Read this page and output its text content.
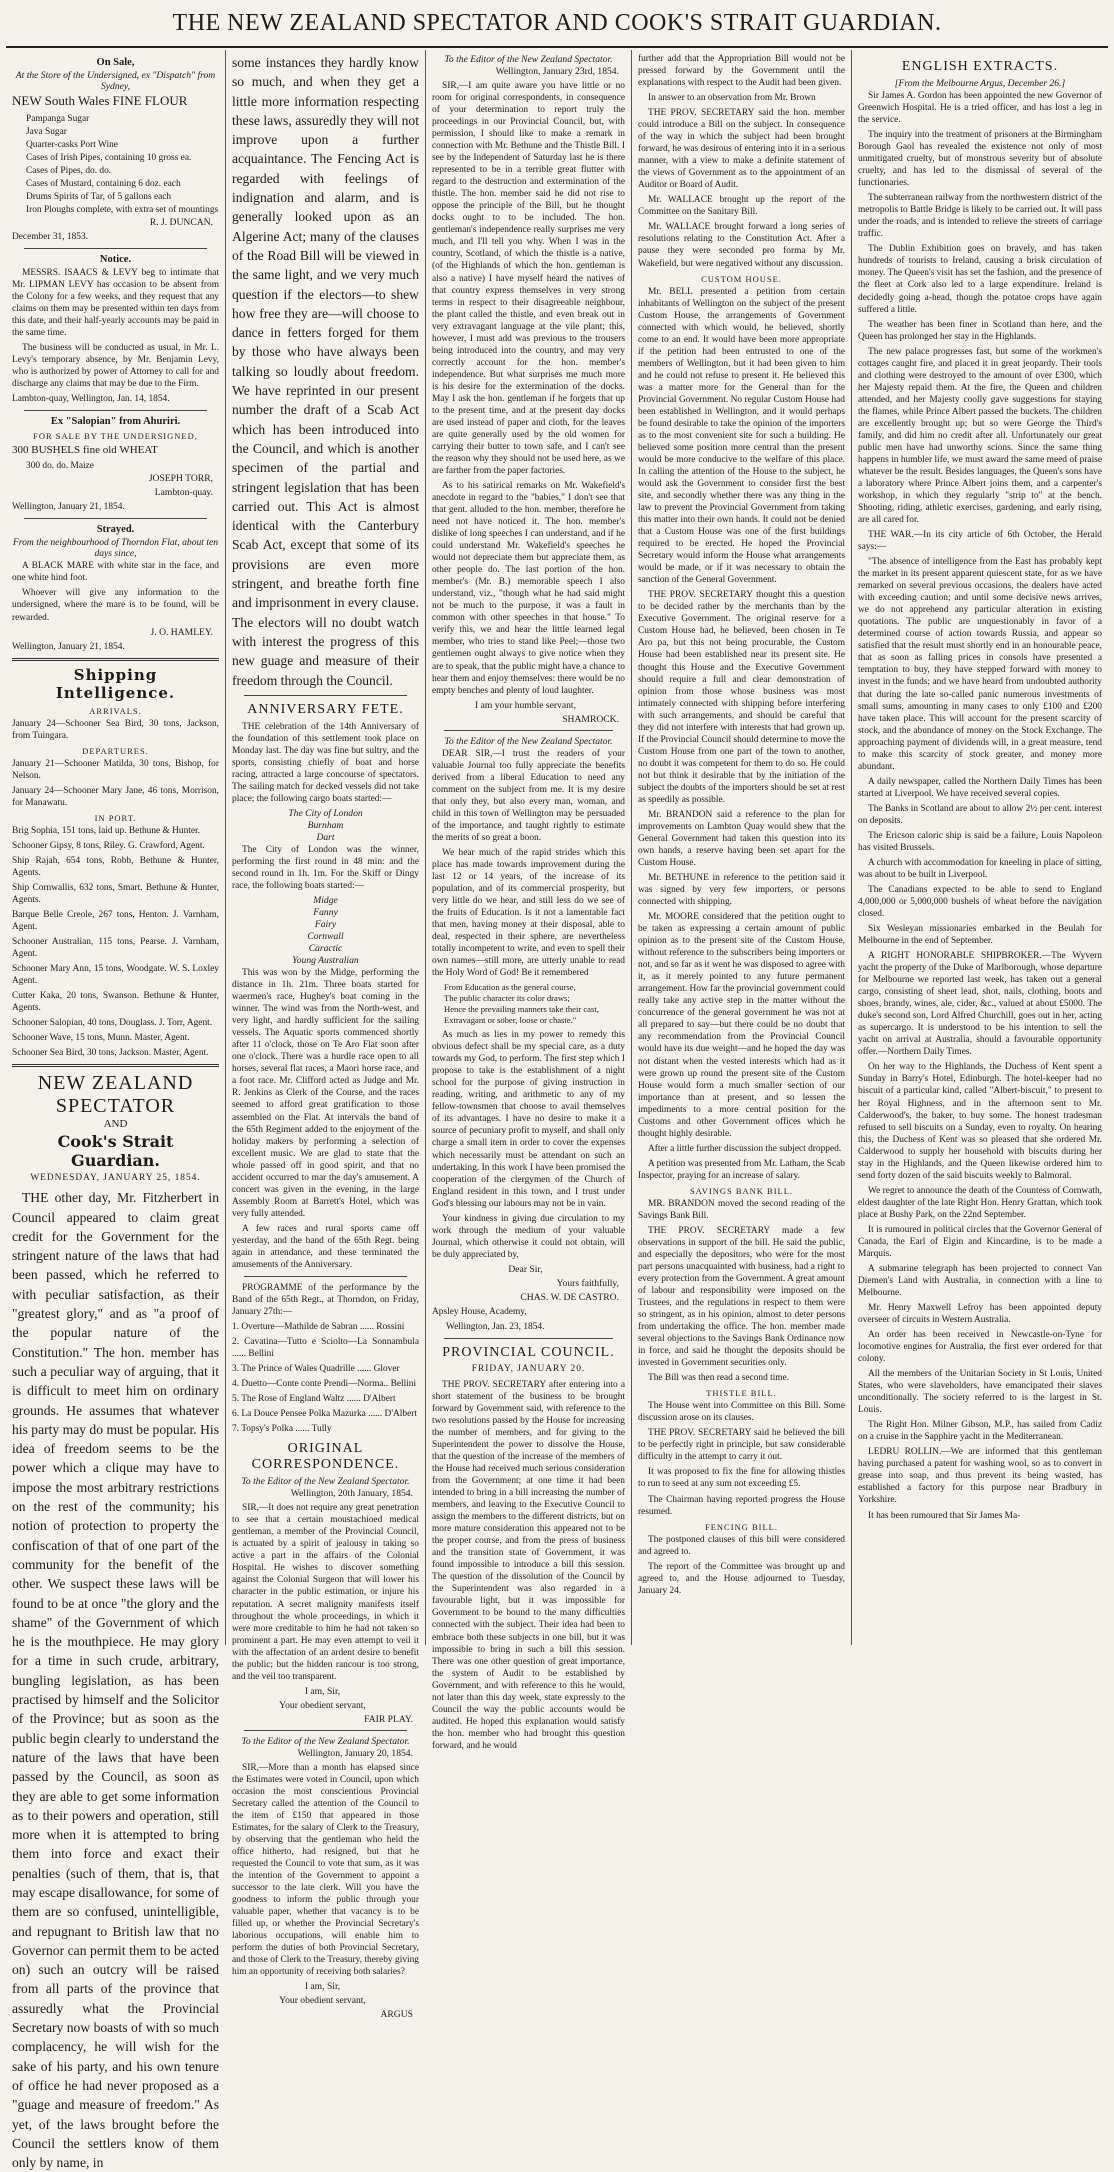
THE NEW ZEALAND SPECTATOR AND COOK'S STRAIT GUARDIAN.
On Sale,
At the Store of the Undersigned, ex "Dispatch" from Sydney,
NEW South Wales FINE FLOUR
Pampanga Sugar
Java Sugar
Quarter-casks Port Wine
Cases of Irish Pipes, containing 10 gross ea.
Cases of Pipes, do. do.
Cases of Mustard, containing 6 doz. each
Drums Spirits of Tar, of 5 gallons each
Iron Ploughs complete, with extra set of mountings
R. J. DUNCAN.
December 31, 1853.
Notice.

MESSRS. ISAACS & LEVY beg to intimate that Mr. LIPMAN LEVY has occasion to be absent from the Colony for a few weeks, and they request that any claims on them may be presented within ten days from this date, and their half-yearly accounts may be paid in the same time.

The business will be conducted as usual, in Mr. L. Levy's temporary absence, by Mr. Benjamin Levy, who is authorized by power of Attorney to call for and discharge any claims that may be due to the Firm.

Lambton-quay, Wellington, Jan. 14, 1854.

Ex "Salopian" from Ahuriri.
FOR SALE BY THE UNDERSIGNED,
300 BUSHELS fine old WHEAT
300 do. do. Maize
JOSEPH TORR,
Lambton-quay.
Wellington, January 21, 1854.
Strayed.
From the neighbourhood of Thorndon Flat, about ten days since,

A BLACK MARE with white star in the face, and one white hind foot.

Whoever will give any information to the undersigned, where the mare is to be found, will be rewarded.

J. O. HAMLEY.
Wellington, January 21, 1854.
Shipping Intelligence.
ARRIVALS.
January 24—Schooner Sea Bird, 30 tons, Jackson, from Tuingara.
DEPARTURES.
January 21—Schooner Matilda, 30 tons, Bishop, for Nelson.
January 24—Schooner Mary Jane, 46 tons, Morrison, for Manawatu.
IN PORT.
Brig Sophia, 151 tons, laid up. Bethune & Hunter.
Schooner Gipsy, 8 tons, Riley. G. Crawford, Agent.
Ship Rajah, 654 tons, Robb, Bethune & Hunter, Agents.
Ship Cornwallis, 632 tons, Smart. Bethune & Hunter, Agents.
Barque Belle Creole, 267 tons, Henton. J. Varnham, Agent.
Schooner Australian, 115 tons, Pearse. J. Varnham, Agent.
Schooner Mary Ann, 15 tons, Woodgate. W. S. Loxley Agent.
Cutter Kaka, 20 tons, Swanson. Bethune & Hunter, Agents.
Schooner Salopian, 40 tons, Douglass. J. Torr, Agent.
Schooner Wave, 15 tons, Munn. Master, Agent.
Schooner Sea Bird, 30 tons, Jackson. Master, Agent.
NEW ZEALAND SPECTATOR
AND
Cook's Strait Guardian.
WEDNESDAY, JANUARY 25, 1854.

THE other day, Mr. Fitzherbert in Council appeared to claim great credit for the Government for the stringent nature of the laws that had been passed, which he referred to with peculiar satisfaction, as their "greatest glory," and as "a proof of the popular nature of the Constitution." The hon. member has such a peculiar way of arguing, that it is difficult to meet him on ordinary grounds. He assumes that whatever his party may do must be popular. His idea of freedom seems to be the power which a clique may have to impose the most arbitrary restrictions on the rest of the community; his notion of protection to property the confiscation of that of one part of the community for the benefit of the other. We suspect these laws will be found to be at once "the glory and the shame" of the Government of which he is the mouthpiece. He may glory for a time in such crude, arbitrary, bungling legislation, as has been practised by himself and the Solicitor of the Province; but as soon as the public begin clearly to understand the nature of the laws that have been passed by the Council, as soon as they are able to get some information as to their powers and operation, still more when it is attempted to bring them into force and exact their penalties (such of them, that is, that may escape disallowance, for some of them are so confused, unintelligible, and repugnant to British law that no Governor can permit them to be acted on) such an outcry will be raised from all parts of the province that assuredly what the Provincial Secretary now boasts of with so much complacency, he will wish for the sake of his party, and his own tenure of office he had never proposed as a "guage and measure of freedom." As yet, of the laws brought before the Council the settlers know of them only by name, in

some instances they hardly know so much, and when they get a little more information respecting these laws, assuredly they will not improve upon a further acquaintance. The Fencing Act is regarded with feelings of indignation and alarm, and is generally looked upon as an Algerine Act; many of the clauses of the Road Bill will be viewed in the same light, and we very much question if the electors—to shew how free they are—will choose to dance in fetters forged for them by those who have always been talking so loudly about freedom. We have reprinted in our present number the draft of a Scab Act which has been introduced into the Council, and which is another specimen of the partial and stringent legislation that has been carried out. This Act is almost identical with the Canterbury Scab Act, except that some of its provisions are even more stringent, and breathe forth fine and imprisonment in every clause. The electors will no doubt watch with interest the progress of this new guage and measure of their freedom through the Council.

ANNIVERSARY FETE.

THE celebration of the 14th Anniversary of the foundation of this settlement took place on Monday last. The day was fine but sultry, and the sports, consisting chiefly of boat and horse racing, attracted a large concourse of spectators. The sailing match for decked vessels did not take place; the following cargo boats started:—

The City of London
Burnham
Dart

The City of London was the winner, performing the first round in 48 min: and the second round in 1h. 1m. For the Skiff or Dingy race, the following boats started:—

Midge
Fanny
Fairy
Cornwall
Caractic
Young Australian

This was won by the Midge, performing the distance in 1h. 21m. Three boats started for waermen's race, Hughey's boat coming in the winner. The wind was from the North-west, and very light, and hardly sufficient for the sailing vessels. The Aquatic sports commenced shortly after 11 o'clock, those on Te Aro Flat soon after one o'clock. There was a hurdle race open to all horses, several flat races, a Maori horse race, and a foot race. Mr. Clifford acted as Judge and Mr. R. Jenkins as Clerk of the Course, and the races seemed to afford great gratification to those assembled on the Flat. At intervals the band of the 65th Regiment added to the enjoyment of the holiday makers by performing a selection of excellent music. We are glad to state that the whole passed off in good spirit, and that no accident occurred to mar the day's amusement. A concert was given in the evening, in the large Assembly Room at Barrett's Hotel, which was very fully attended.

A few races and rural sports came off yesterday, and the band of the 65th Regt. being again in attendance, and these terminated the amusements of the Anniversary.

PROGRAMME of the performance by the Band of the 65th Regt., at Thorndon, on Friday, January 27th:—

1. Overture—Mathilde de Sabran ...... Rossini
2. Cavatina—Tutto e Sciolto—La Sonnambula ...... Bellini
3. The Prince of Wales Quadrille ...... Glover
4. Duetto—Conte conte Prendi—Norma.. Bellini
5. The Rose of England Waltz ...... D'Albert
6. La Douce Pensee Polka Mazurka ...... D'Albert
7. Topsy's Polka ...... Tully
ORIGINAL CORRESPONDENCE.
To the Editor of the New Zealand Spectator.
Wellington, 20th January, 1854.

SIR,—It does not require any great penetration to see that a certain moustachioed medical gentleman, a member of the Provincial Council, is actuated by a spirit of jealousy in taking so active a part in the affairs of the Colonial Hospital. He wishes to discover something against the Colonial Surgeon that will lower his character in the public estimation, or injure his reputation. A secret malignity manifests itself throughout the whole proceedings, in which it were more creditable to him he had not taken so prominent a part. He may even attempt to veil it with the affectation of an ardent desire to benefit the public; but the hidden rancour is too strong, and the veil too transparent.

I am, Sir,
Your obedient servant,
FAIR PLAY.
To the Editor of the New Zealand Spectator.
Wellington, January 20, 1854.

SIR,—More than a month has elapsed since the Estimates were voted in Council, upon which occasion the most conscientious Provincial Secretary called the attention of the Council to the item of £150 that appeared in those Estimates, for the salary of Clerk to the Treasury, by observing that the gentleman who held the office hitherto, had resigned, but that he requested the Council to vote that sum, as it was the intention of the Government to appoint a successor to the late clerk. Will you have the goodness to inform the public through your valuable paper, whether that vacancy is to be filled up, or whether the Provincial Secretary's laborious occupations, will enable him to perform the duties of both Provincial Secretary, and those of Clerk to the Treasury, thereby giving him an opportunity of receiving both salaries?

I am, Sir,
Your obedient servant,
ARGUS
To the Editor of the New Zealand Spectator.
Wellington, January 23rd, 1854.

SIR,—I am quite aware you have little or no room for original correspondents, in consequence of your determination to report truly the proceedings in our Provincial Council, but, with permission, I should like to make a remark in connection with Mr. Bethune and the Thistle Bill. I see by the Independent of Saturday last he is there represented to be in a terrible great flutter with regard to the destruction and extermination of the thistle. The hon. member said he did not rise to oppose the principle of the Bill, but he thought docks ought to to be included. The hon. gentleman's independence really surprises me very much, and I'll tell you why. When I was in the country, Scotland, of which the thistle is a native, (of the Highlands of which the hon. gentleman is also a native) I have myself heard the natives of that country express themselves in very strong terms in respect to their disagreeable neighbour, the plant called the thistle, and even break out in very extravagant language at the vile plant; this, however, I must add was previous to the trousers being introduced into the country, and may very correctly account for the hon. member's independence. But what surprises me much more is his desire for the extermination of the docks. May I ask the hon. gentleman if he forgets that up to the present time, and at the present day docks are used instead of paper and cloth, for the leaves are quite generally used by the old women for carrying their butter to town safe, and I can't see the reason why they should not be used here, as we are farther from the paper factories.

As to his satirical remarks on Mr. Wakefield's anecdote in regard to the "babies," I don't see that that gent. alluded to the hon. member, therefore he need not have noticed it. The hon. member's dislike of long speeches I can understand, and if he could understand Mr. Wakefield's speeches he would not depreciate them but appreciate them, as other people do. The last portion of the hon. member's (Mr. B.) memorable speech I also understand, viz., "though what he had said might not be much to the purpose, it was a fault in common with other speeches in that house." To verify this, we and hear the little learned legal member, who tries to stand like Peel;—those two gentlemen ought always to give notice when they are to speak, that the public might have a chance to hear them and enjoy themselves: there would be no empty benches and plenty of loud laughter.

I am your humble servant,
SHAMROCK.
To the Editor of the New Zealand Spectator.

DEAR SIR,—I trust the readers of your valuable Journal too fully appreciate the benefits derived from a liberal Education to need any comment on the subject from me. It is my desire that only they, but also every man, woman, and child in this town of Wellington may be persuaded of the importance, and taught rightly to estimate the merits of so great a boon.

We hear much of the rapid strides which this place has made towards improvement during the last 12 or 14 years, of the increase of its population, and of its commercial prosperity, but very little do we hear, and still less do we see of the fruits of Education. Is it not a lamentable fact that men, having money at their disposal, able to deal, respected in their sphere, are nevertheless totally incompetent to write, and even to spell their own names—still more, are utterly unable to read the Holy Word of God! Be it remembered

From Education as the general course,
The public character its color draws;
Hence the prevailing manners take their cast,
Extravagant or sober, loose or chaste."

As much as lies in my power to remedy this obvious defect shall be my special care, as a duty towards my God, to perform. The first step which I propose to take is the establishment of a night school for the purpose of giving instruction in reading, writing, and arithmetic to any of my fellow-townsmen that choose to avail themselves of its advantages. I have no desire to make it a source of pecuniary profit to myself, and shall only charge a small item in order to cover the expenses which necessarily must be attendant on such an undertaking. In this work I have been promised the cooperation of the clergymen of the Church of England resident in this town, and I trust under God's blessing our labours may not be in vain.

Your kindness in giving due circulation to my work through the medium of your valuable Journal, which otherwise it could not obtain, will be duly appreciated by,

Dear Sir,
Yours faithfully,
CHAS. W. DE CASTRO.
Apsley House, Academy,
Wellington, Jan. 23, 1854.
PROVINCIAL COUNCIL.
FRIDAY, JANUARY 20.

THE PROV. SECRETARY after entering into a short statement of the business to be brought forward by Government said, with reference to the two resolutions passed by the House for increasing the number of members, and for giving to the Superintendent the power to dissolve the House, that the question of the increase of the members of the House had received much serious consideration from the Government; at one time it had been intended to bring in a bill increasing the number of members, and leaving to the Executive Council to assign the members to the different districts, but on more mature consideration this appeared not to be the proper course, and from the press of business and the transition state of Government, it was found impossible to introduce a bill this session. The question of the dissolution of the Council by the Superintendent was also regarded in a favourable light, but it was impossible for Government to be bound to the many difficulties connected with the subject. Their idea had been to embrace both these subjects in one bill, but it was impossible to bring in such a bill this session. There was one other question of great importance, the system of Audit to be established by Government, and with reference to this he would, not later than this day week, state expressly to the Council the way the public accounts would be audited. He hoped this explanation would satisfy the hon. member who had brought this question forward, and he would

further add that the Appropriation Bill would not be pressed forward by the Government until the explanations with respect to the Audit had been given.

In answer to an observation from Mr. Brown

THE PROV. SECRETARY said the hon. member could introduce a Bill on the subject. In consequence of the way in which the subject had been brought forward, he was desirous of entering into it in a serious manner, with a view to make a definite statement of the views of Government as to the appointment of an Auditor or Board of Audit.

Mr. WALLACE brought up the report of the Committee on the Sanitary Bill.

Mr. WALLACE brought forward a long series of resolutions relating to the Constitution Act. After a pause they were seconded pro forma by Mr. Wakefield, but were negatived without any discussion.

CUSTOM HOUSE.

Mr. BELL presented a petition from certain inhabitants of Wellington on the subject of the present Custom House, the arrangements of Government connected with which would, he believed, shortly come to an end. It would have been more appropriate if the petition had been entrusted to one of the members of Wellington, but it had been given to him and he could not refuse to present it. He believed this was a matter more for the General than for the Provincial Government. No regular Custom House had been established in Wellington, and it would perhaps be found desirable to take the opinion of the importers as to the most convenient site for such a building. He believed some position more central than the present would be more conducive to the welfare of this place. In calling the attention of the House to the subject, he would ask the Government to consider first the best site, and secondly whether there was any thing in the law to prevent the Provincial Government from taking this matter into their own hands. It could not be denied that a Custom House was one of the first buildings required to be erected. He hoped the Provincial Secretary would inform the House what arrangements would be made, or if it was necessary to obtain the sanction of the General Government.

THE PROV. SECRETARY thought this a question to be decided rather by the merchants than by the Executive Government. The original reserve for a Custom House had, he believed, been chosen in Te Aro pa, but this not being procurable, the Custom House had been established near its present site. He thought this House and the Executive Government should require a full and clear demonstration of opinion from those whose business was most intimately connected with shipping before interfering with such arrangements, and should be careful that they did not interfere with interests that had grown up. If the Provincial Council should determine to move the Custom House from one part of the town to another, no doubt it was competent for them to do so. He could not but think it desirable that by the initiation of the subject the doubts of the importers should be set at rest as speedily as possible.

Mr. BRANDON said a reference to the plan for improvements on Lambton Quay would shew that the General Government had taken this question into its own hands, a reserve having been set apart for the Custom House.

Mr. BETHUNE in reference to the petition said it was signed by very few importers, or persons connected with shipping.

Mr. MOORE considered that the petition ought to be taken as expressing a certain amount of public opinion as to the present site of the Custom House, without reference to the subscribers being importers or not, and so far as it went he was disposed to agree with it, as it merely pointed to any future permanent arrangement. How far the provincial government could really take any active step in the matter without the concurrence of the general government he was not at all prepared to say—but there could be no doubt that any recommendation from the Provincial Council would have its due weight—and he hoped the day was not distant when the vested interests which had as it were grown up round the present site of the Custom House would form a much smaller section of our importance than at present, and so lessen the impediments to a more central position for the Customs and other Government offices which he thought highly desirable.

After a little further discussion the subject dropped.

A petition was presented from Mr. Latham, the Scab Inspector, praying for an increase of salary.

SAVINGS BANK BILL.

MR. BRANDON moved the second reading of the Savings Bank Bill.

THE PROV. SECRETARY made a few observations in support of the bill. He said the public, and especially the depositors, who were for the most part persons unacquainted with business, had a right to every protection from the Government. A great amount of labour and responsibility were imposed on the Trustees, and the regulations in respect to them were so stringent, as in his opinion, almost to deter persons from undertaking the office. The hon. member made several objections to the Savings Bank Ordinance now in force, and said he thought the deposits should be invested in Government securities only.

The Bill was then read a second time.

THISTLE BILL.

The House went into Committee on this Bill. Some discussion arose on its clauses.

THE PROV. SECRETARY said he believed the bill to be perfectly right in principle, but saw considerable difficulty in the attempt to carry it out.

It was proposed to fix the fine for allowing thistles to run to seed at any sum not exceeding £5.

The Chairman having reported progress the House resumed.

FENCING BILL.

The postponed clauses of this bill were considered and agreed to.

The report of the Committee was brought up and agreed to, and the House adjourned to Tuesday, January 24.

ENGLISH EXTRACTS.
[From the Melbourne Argus, December 26.]

Sir James A. Gordon has been appointed the new Governor of Greenwich Hospital. He is a tried officer, and has lost a leg in the service.

The inquiry into the treatment of prisoners at the Birmingham Borough Gaol has revealed the existence not only of most unmitigated cruelty, but of monstrous severity but of absolute cruelty, and has led to the dismissal of several of the functionaries.

The subterranean railway from the northwestern district of the metropolis to Battle Bridge is likely to be carried out. It will pass under the roads, and is intended to relieve the streets of carriage traffic.

The Dublin Exhibition goes on bravely, and has taken hundreds of tourists to Ireland, causing a brisk circulation of money. The Queen's visit has set the fashion, and the presence of the fleet at Cork also led to a large expenditure. Ireland is decidedly going a-head, though the potatoe crops have again suffered a little.

The weather has been finer in Scotland than here, and the Queen has prolonged her stay in the Highlands.

The new palace progresses fast, but some of the workmen's cottages caught fire, and placed it in great jeopardy. Their tools and clothing were destroyed to the amount of over £300, which her Majesty repaid them. At the fire, the Queen and children attended, and her Majesty coolly gave suggestions for staying the flames, while Prince Albert passed the buckets. The children are excellently brought up; but so were George the Third's family, and did him no credit after all. Unfortunately our great public men have had unworthy scions. Since the same thing happens in humbler life, we must award the same meed of praise whatever be the result. Besides languages, the Queen's sons have a laboratory where Prince Albert joins them, and a carpenter's workshop, in which they regularly "strip to" at the bench. Shooting, riding, athletic exercises, gardening, and early rising, are all cared for.

THE WAR.—In its city article of 6th October, the Herald says:—

"The absence of intelligence from the East has probably kept the market in its present apparent quiescent state, for as we have remarked on several previous occasions, the dealers have acted with exceeding caution; and until some decisive news arrives, we do not apprehend any particular alteration in existing quotations. The public are unquestionably in favor of a determined course of action towards Russia, and appear so satisfied that the result must shortly end in an honourable peace, that as soon as falling prices in consols have presented a temptation to buy, they have stepped forward with money to invest in the funds; and we have heard from undoubted authority that during the late so-called panic numerous investments of small sums, amounting in many cases to only £100 and £200 have taken place. This will account for the present scarcity of stock, and the abundance of money on the Stock Exchange. The approaching payment of dividends will, in a great measure, tend to make this scarcity of stock greater, and money more abundant.

A daily newspaper, called the Northern Daily Times has been started at Liverpool. We have received several copies.

The Banks in Scotland are about to allow 2½ per cent. interest on deposits.

The Ericson caloric ship is said be a failure, Louis Napoleon has visited Brussels.

A church with accommodation for kneeling in place of sitting, was about to be built in Liverpool.

The Canadians expected to be able to send to England 4,000,000 or 5,000,000 bushels of wheat before the navigation closed.

Six Wesleyan missionaries embarked in the Beulah for Melbourne in the end of September.

A RIGHT HONORABLE SHIPBROKER.—The Wyvern yacht the property of the Duke of Marlborough, whose departure for Melbourne we reported last week, has taken out a general cargo, consisting of sheet lead, shot, nails, clothing, boots and shoes, brandy, wines, ale, cider, &c., valued at about £5000. The duke's second son, Lord Alfred Churchill, goes out in her, acting as supercargo. It is understood to be his intention to sell the yacht on arrival at Australia, should a favourable opportunity offer.—Northern Daily Times.

On her way to the Highlands, the Duchess of Kent spent a Sunday in Barry's Hotel, Edinburgh. The hotel-keeper had no biscuit of a particular kind, called "Albert-biscuit," to present to her Royal Highness, and in the afternoon sent to Mr. Calderwood's, the baker, to buy some. The honest tradesman refused to sell biscuits on a Sunday, even to royalty. On hearing this, the Duchess of Kent was so pleased that she ordered Mr. Calderwood to supply her household with biscuits during her stay in the Highlands, and the Queen likewise ordered him to send forty dozen of the said biscuits weekly to Balmoral.

We regret to announce the death of the Countess of Cornwath, eldest daughter of the late Right Hon. Henry Grattan, which took place at Bushy Park, on the 22nd September.

It is rumoured in political circles that the Governor General of Canada, the Earl of Elgin and Kincardine, is to be made a Marquis.

A submarine telegraph has been projected to connect Van Diemen's Land with Australia, in connection with a line to Melbourne.

Mr. Henry Maxwell Lefroy has been appointed deputy overseer of circuits in Western Australia.

An order has been received in Newcastle-on-Tyne for locomotive engines for Australia, the first ever ordered for that colony.

All the members of the Unitarian Society in St Louis, United States, who were slaveholders, have emancipated their slaves unconditionally. The society referred to is the largest in St. Louis.

The Right Hon. Milner Gibson, M.P., has sailed from Cadiz on a cruise in the Sapphire yacht in the Mediterranean.

LEDRU ROLLIN.—We are informed that this gentleman having purchased a patent for washing wool, so as to convert in grease into soap, and thus prevent its being wasted, has established a factory for this purpose near Bradbury in Yorkshire.

It has been rumoured that Sir James Ma-
